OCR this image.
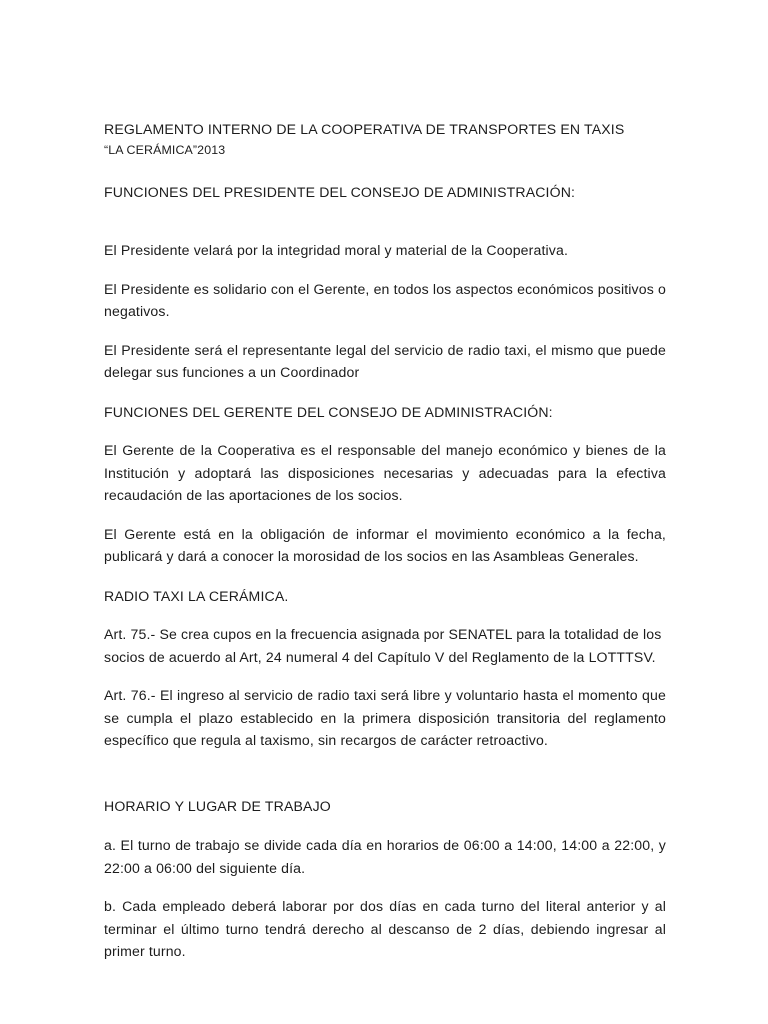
REGLAMENTO INTERNO DE LA COOPERATIVA DE TRANSPORTES EN TAXIS

“LA CERÁMICA”2013

FUNCIONES DEL PRESIDENTE DEL CONSEJO DE ADMINISTRACIÓN:

El Presidente velará por la integridad moral y material de la Cooperativa.

El Presidente es solidario con el Gerente, en todos los aspectos económicos positivos o negativos.

El Presidente será el representante legal del servicio de radio taxi, el mismo que puede delegar sus funciones a un Coordinador

FUNCIONES DEL GERENTE DEL CONSEJO DE ADMINISTRACIÓN:

El Gerente de la Cooperativa es el responsable del manejo económico y bienes de la Institución y adoptará las disposiciones necesarias y adecuadas para la efectiva recaudación de las aportaciones de los socios.

El Gerente está en la obligación de informar el movimiento económico a la fecha, publicará y dará a conocer la morosidad de los socios en las Asambleas Generales.

RADIO TAXI LA CERÁMICA.

Art. 75.- Se crea cupos en la frecuencia asignada por SENATEL para la totalidad de los socios de acuerdo al Art, 24 numeral 4 del Capítulo V del Reglamento de la LOTTTSV.

Art. 76.- El ingreso al servicio de radio taxi será libre y voluntario hasta el momento que se cumpla el plazo establecido en la primera disposición transitoria del reglamento específico que regula al taxismo, sin recargos de carácter retroactivo.

HORARIO Y LUGAR DE TRABAJO

a. El turno de trabajo se divide cada día en horarios de 06:00 a 14:00, 14:00 a 22:00, y 22:00 a 06:00 del siguiente día.

b. Cada empleado deberá laborar por dos días en cada turno del literal anterior y al terminar el último turno tendrá derecho al descanso de 2 días, debiendo ingresar al primer turno.
